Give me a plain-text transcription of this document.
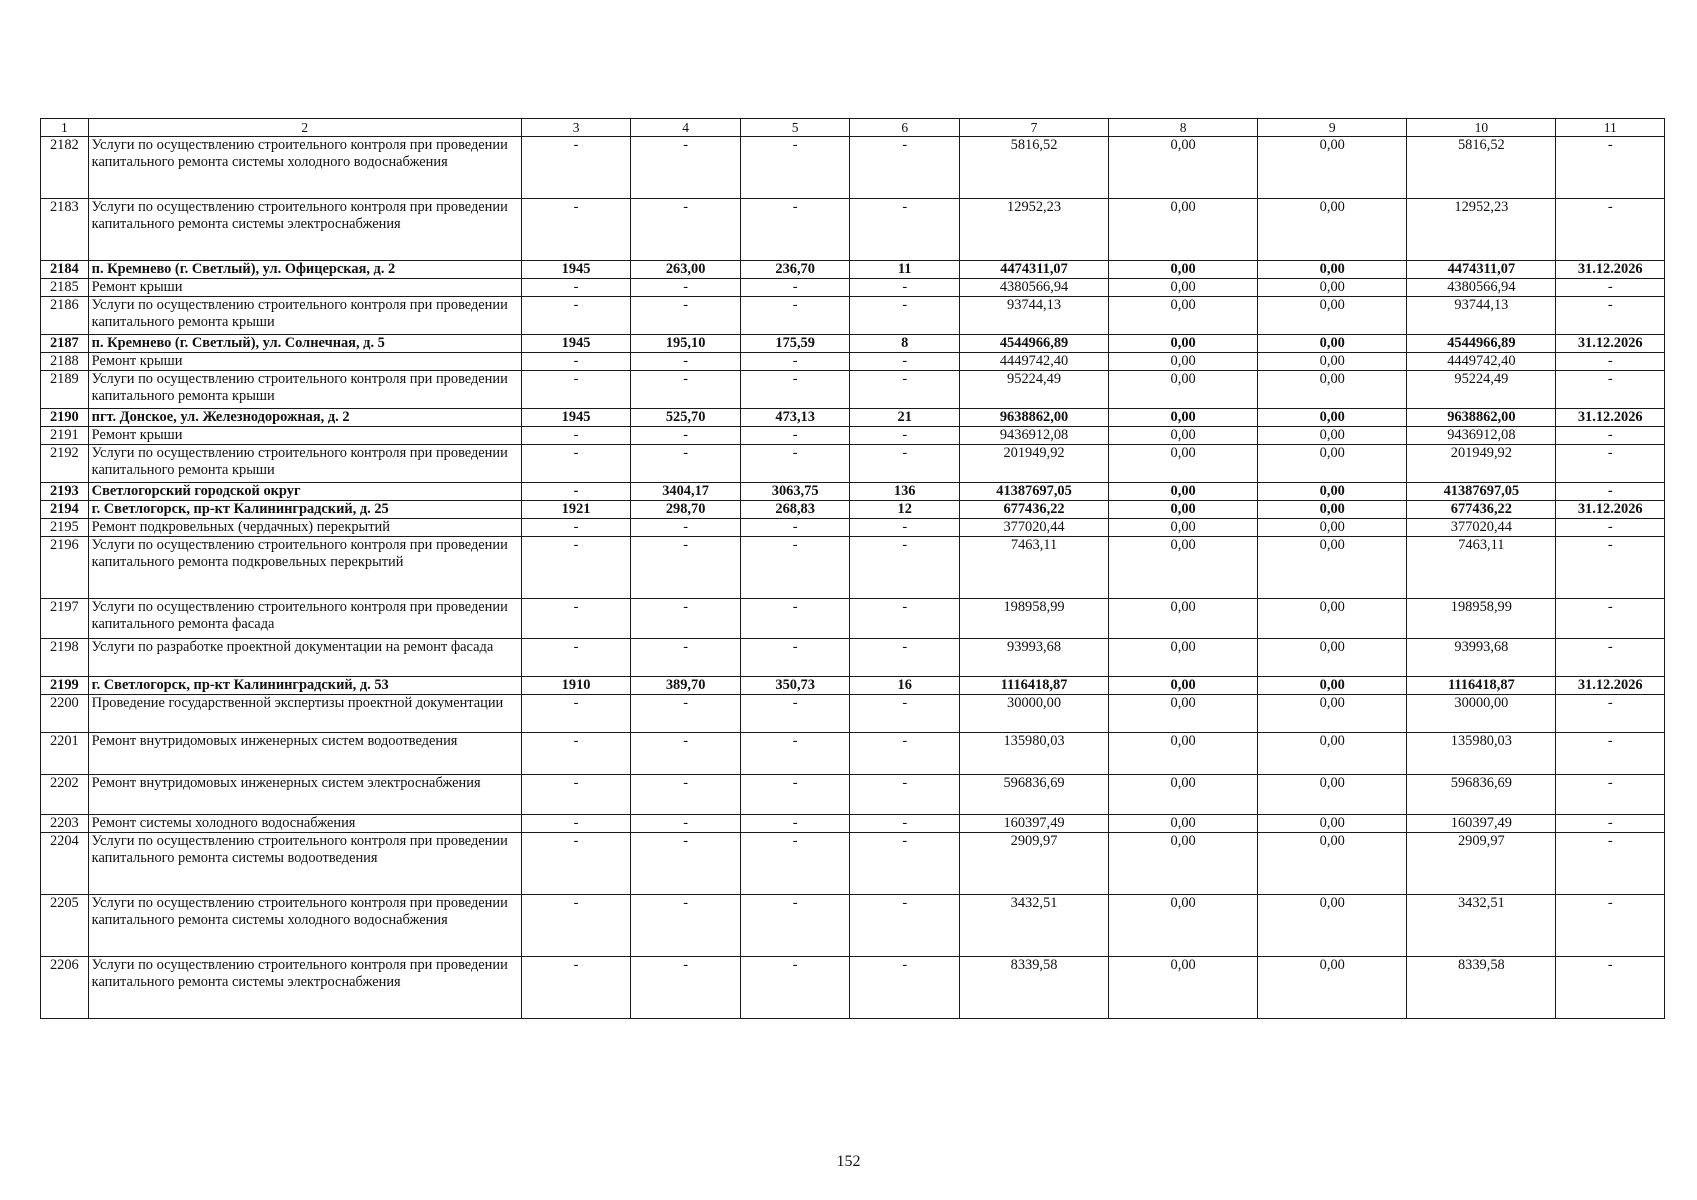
1	2	3	4	5	6	7	8	9	10	11
2182	Услуги по осуществлению строительного контроля при проведении капитального ремонта системы холодного водоснабжения	-	-	-	-	5816,52	0,00	0,00	5816,52	-
2183	Услуги по осуществлению строительного контроля при проведении капитального ремонта системы электроснабжения	-	-	-	-	12952,23	0,00	0,00	12952,23	-
2184	п. Кремнево (г. Светлый), ул. Офицерская, д. 2	1945	263,00	236,70	11	4474311,07	0,00	0,00	4474311,07	31.12.2026
2185	Ремонт крыши	-	-	-	-	4380566,94	0,00	0,00	4380566,94	-
2186	Услуги по осуществлению строительного контроля при проведении капитального ремонта крыши	-	-	-	-	93744,13	0,00	0,00	93744,13	-
2187	п. Кремнево (г. Светлый), ул. Солнечная, д. 5	1945	195,10	175,59	8	4544966,89	0,00	0,00	4544966,89	31.12.2026
2188	Ремонт крыши	-	-	-	-	4449742,40	0,00	0,00	4449742,40	-
2189	Услуги по осуществлению строительного контроля при проведении капитального ремонта крыши	-	-	-	-	95224,49	0,00	0,00	95224,49	-
2190	пгт. Донское, ул. Железнодорожная, д. 2	1945	525,70	473,13	21	9638862,00	0,00	0,00	9638862,00	31.12.2026
2191	Ремонт крыши	-	-	-	-	9436912,08	0,00	0,00	9436912,08	-
2192	Услуги по осуществлению строительного контроля при проведении капитального ремонта крыши	-	-	-	-	201949,92	0,00	0,00	201949,92	-
2193	Светлогорский городской округ	-	3404,17	3063,75	136	41387697,05	0,00	0,00	41387697,05	-
2194	г. Светлогорск, пр-кт Калининградский, д. 25	1921	298,70	268,83	12	677436,22	0,00	0,00	677436,22	31.12.2026
2195	Ремонт подкровельных (чердачных) перекрытий	-	-	-	-	377020,44	0,00	0,00	377020,44	-
2196	Услуги по осуществлению строительного контроля при проведении капитального ремонта подкровельных перекрытий	-	-	-	-	7463,11	0,00	0,00	7463,11	-
2197	Услуги по осуществлению строительного контроля при проведении капитального ремонта фасада	-	-	-	-	198958,99	0,00	0,00	198958,99	-
2198	Услуги по разработке проектной документации на ремонт фасада	-	-	-	-	93993,68	0,00	0,00	93993,68	-
2199	г. Светлогорск, пр-кт Калининградский, д. 53	1910	389,70	350,73	16	1116418,87	0,00	0,00	1116418,87	31.12.2026
2200	Проведение государственной экспертизы проектной документации	-	-	-	-	30000,00	0,00	0,00	30000,00	-
2201	Ремонт внутридомовых инженерных систем водоотведения	-	-	-	-	135980,03	0,00	0,00	135980,03	-
2202	Ремонт внутридомовых инженерных систем электроснабжения	-	-	-	-	596836,69	0,00	0,00	596836,69	-
2203	Ремонт системы холодного водоснабжения	-	-	-	-	160397,49	0,00	0,00	160397,49	-
2204	Услуги по осуществлению строительного контроля при проведении капитального ремонта системы водоотведения	-	-	-	-	2909,97	0,00	0,00	2909,97	-
2205	Услуги по осуществлению строительного контроля при проведении капитального ремонта системы холодного водоснабжения	-	-	-	-	3432,51	0,00	0,00	3432,51	-
2206	Услуги по осуществлению строительного контроля при проведении капитального ремонта системы электроснабжения	-	-	-	-	8339,58	0,00	0,00	8339,58	-
152
